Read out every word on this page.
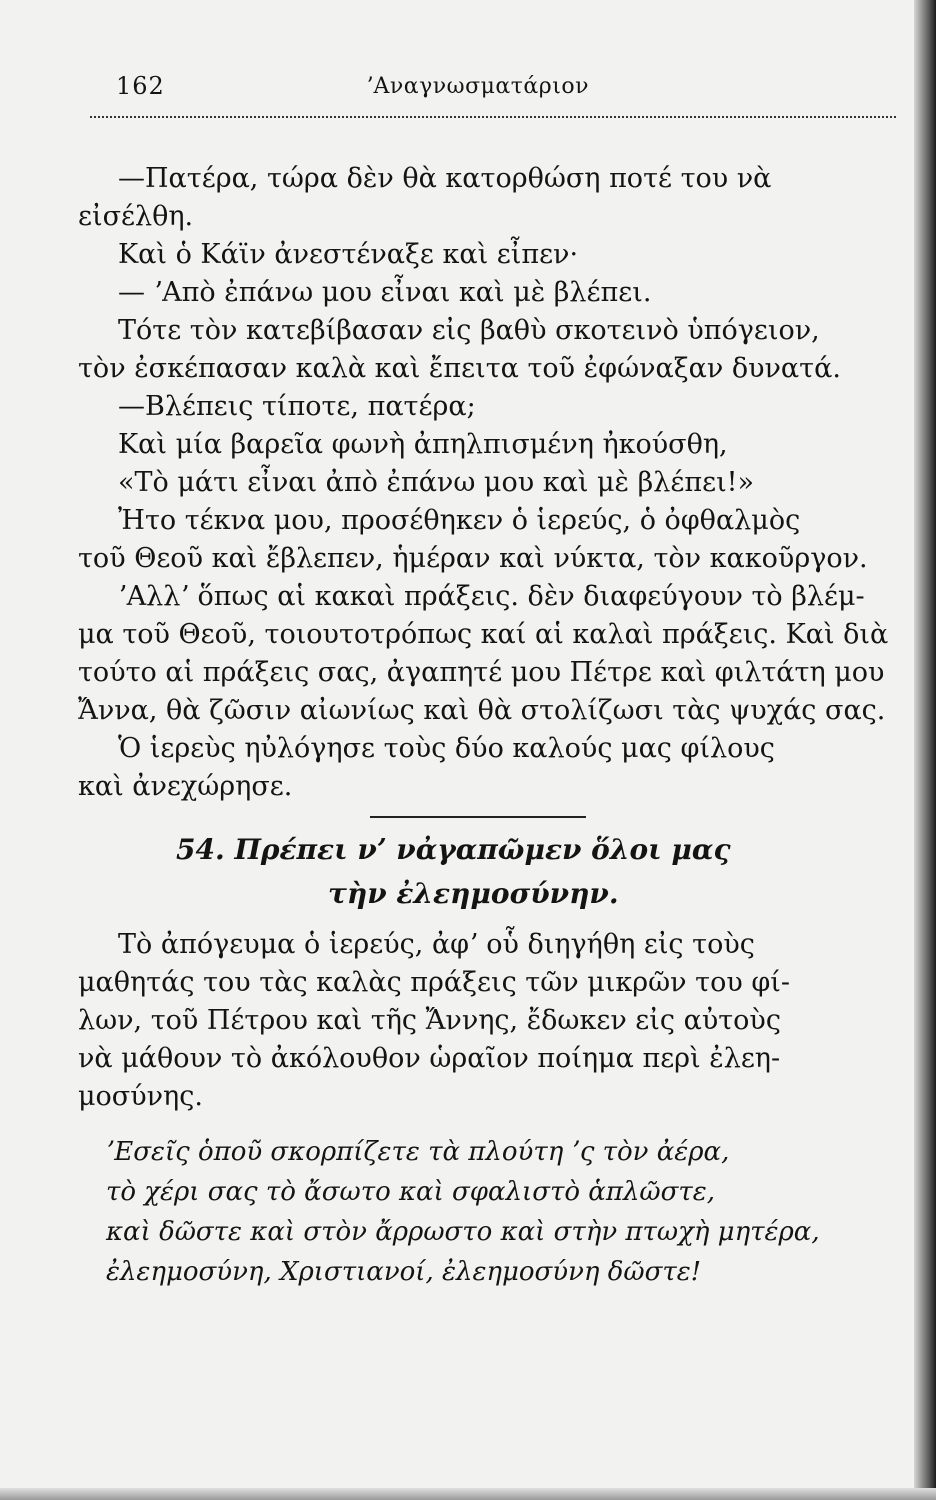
162	ʼΑναγνωσματάριον
—Πατέρα, τώρα δὲν θὰ κατορθώση ποτέ του νὰ
εἰσέλθη.
Καὶ ὁ Κάϊν ἀνεστέναξε καὶ εἶπεν·
— ʼΑπὸ ἐπάνω μου εἶναι καὶ μὲ βλέπει.
Τότε τὸν κατεβίβασαν εἰς βαθὺ σκοτεινὸ ὑπόγειον,
τὸν ἐσκέπασαν καλὰ καὶ ἔπειτα τοῦ ἐφώναξαν δυνατά.
—Βλέπεις τίποτε, πατέρα;
Καὶ μία βαρεῖα φωνὴ ἀπηλπισμένη ἠκούσθη,
«Τὸ μάτι εἶναι ἀπὸ ἐπάνω μου καὶ μὲ βλέπει!»
Ἠτο τέκνα μου, προσέθηκεν ὁ ἱερεύς, ὁ ὀφθαλμὸς
τοῦ Θεοῦ καὶ ἔβλεπεν, ἡμέραν καὶ νύκτα, τὸν κακοῦργον.
ʼΑλλʼ ὅπως αἱ κακαὶ πράξεις. δὲν διαφεύγουν τὸ βλέμ-
μα τοῦ Θεοῦ, τοιουτοτρόπως καί αἱ καλαὶ πράξεις. Καὶ διὰ
τούτο αἱ πράξεις σας, ἀγαπητέ μου Πέτρε καὶ φιλτάτη μου
Ἄννα, θὰ ζῶσιν αἰωνίως καὶ θὰ στολίζωσι τὰς ψυχάς σας.
Ὁ ἱερεὺς ηὐλόγησε τοὺς δύο καλούς μας φίλους
καὶ ἀνεχώρησε.
54. Πρέπει νʼ νἀγαπῶμεν ὅλοι μας
τὴν ἐλεημοσύνην.
Τὸ ἀπόγευμα ὁ ἱερεύς, ἀφʼ οὗ διηγήθη εἰς τοὺς
μαθητάς του τὰς καλὰς πράξεις τῶν μικρῶν του φί-
λων, τοῦ Πέτρου καὶ τῆς Ἄννης, ἔδωκεν εἰς αὐτοὺς
νὰ μάθουν τὸ ἀκόλουθον ὡραῖον ποίημα περὶ ἐλεη-
μοσύνης.
ʼΕσεῖς ὁποῦ σκορπίζετε τὰ πλούτη ʼς τὸν ἀέρα,
τὸ χέρι σας τὸ ἄσωτο καὶ σφαλιστὸ ἁπλῶστε,
καὶ δῶστε καὶ στὸν ἄρρωστο καὶ στὴν πτωχὴ μητέρα,
ἐλεημοσύνη, Χριστιανοί, ἐλεημοσύνη δῶστε!
